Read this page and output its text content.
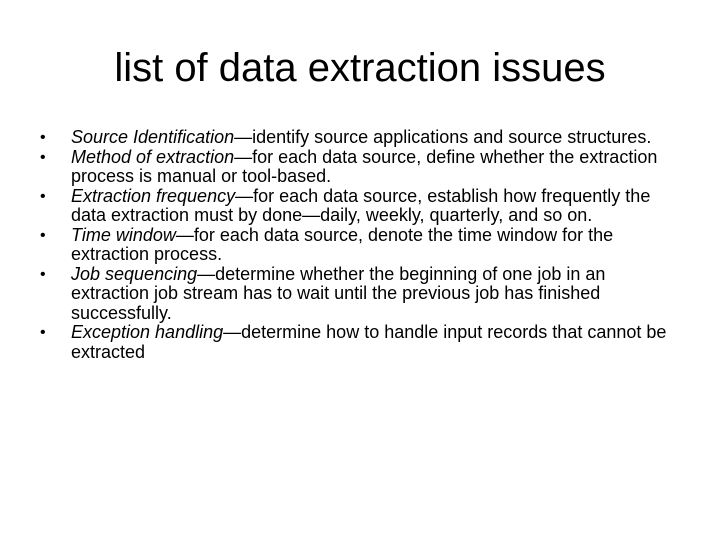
list of data extraction issues
•	Source Identification—identify source applications and source structures.
•	Method of extraction—for each data source, define whether the extraction process is manual or tool-based.
•	Extraction frequency—for each data source, establish how frequently the data extraction must by done—daily, weekly, quarterly, and so on.
•	Time window—for each data source, denote the time window for the extraction process.
•	Job sequencing—determine whether the beginning of one job in an extraction job stream has to wait until the previous job has finished successfully.
•	Exception handling—determine how to handle input records that cannot be extracted
